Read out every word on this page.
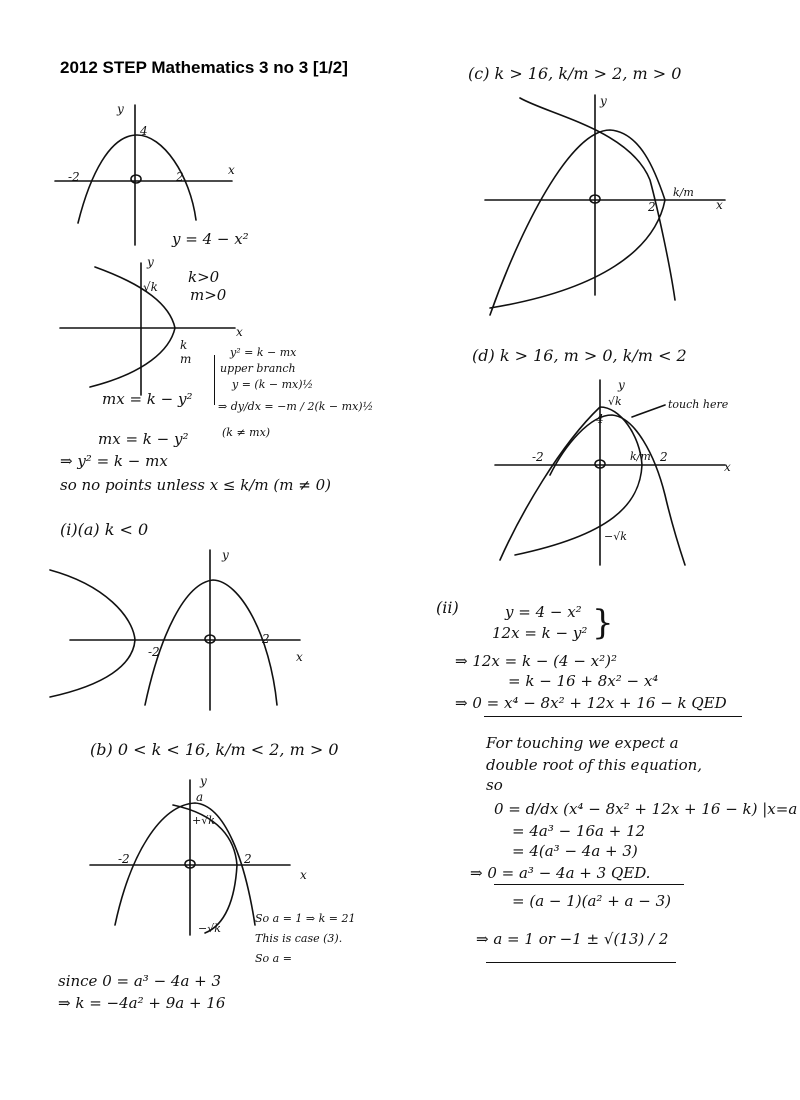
2012 STEP Mathematics 3 no 3 [1/2]
y
4
-2	2	x
y = 4 − x²
y
√k
x
k
m
k>0
m>0
mx = k − y²
y² = k − mx
upper branch
y = (k − mx)½
⇒ dy/dx = −m / 2(k − mx)½
(k ≠ mx)
mx = k − y²
⇒ y² = k − mx
so no points unless x ≤ k/m (m ≠ 0)
(i)(a) k < 0
y
-2
2
x
(b) 0 < k < 16, k/m < 2, m > 0
y
a
+√k
-2	2
x
−√k
So a = 1 ⇒ k = 21
This is case (3).
So a =
since 0 = a³ − 4a + 3
⇒ k = −4a² + 9a + 16
(c) k > 16, k/m > 2, m > 0
y
k/m
2	x
(d) k > 16, m > 0, k/m < 2
y
√k
4
touch here
-2	k/m 2
x
−√k
(ii)	y = 4 − x²
12x = k − y² }
⇒ 12x = k − (4 − x²)²
= k − 16 + 8x² − x⁴
⇒ 0 = x⁴ − 8x² + 12x + 16 − k QED
For touching we expect a
double root of this equation,
so
0 = d/dx (x⁴ − 8x² + 12x + 16 − k) |x=a
= 4a³ − 16a + 12
= 4(a³ − 4a + 3)
⇒ 0 = a³ − 4a + 3 QED.
= (a − 1)(a² + a − 3)
⇒ a = 1 or −1 ± √(13) / 2
